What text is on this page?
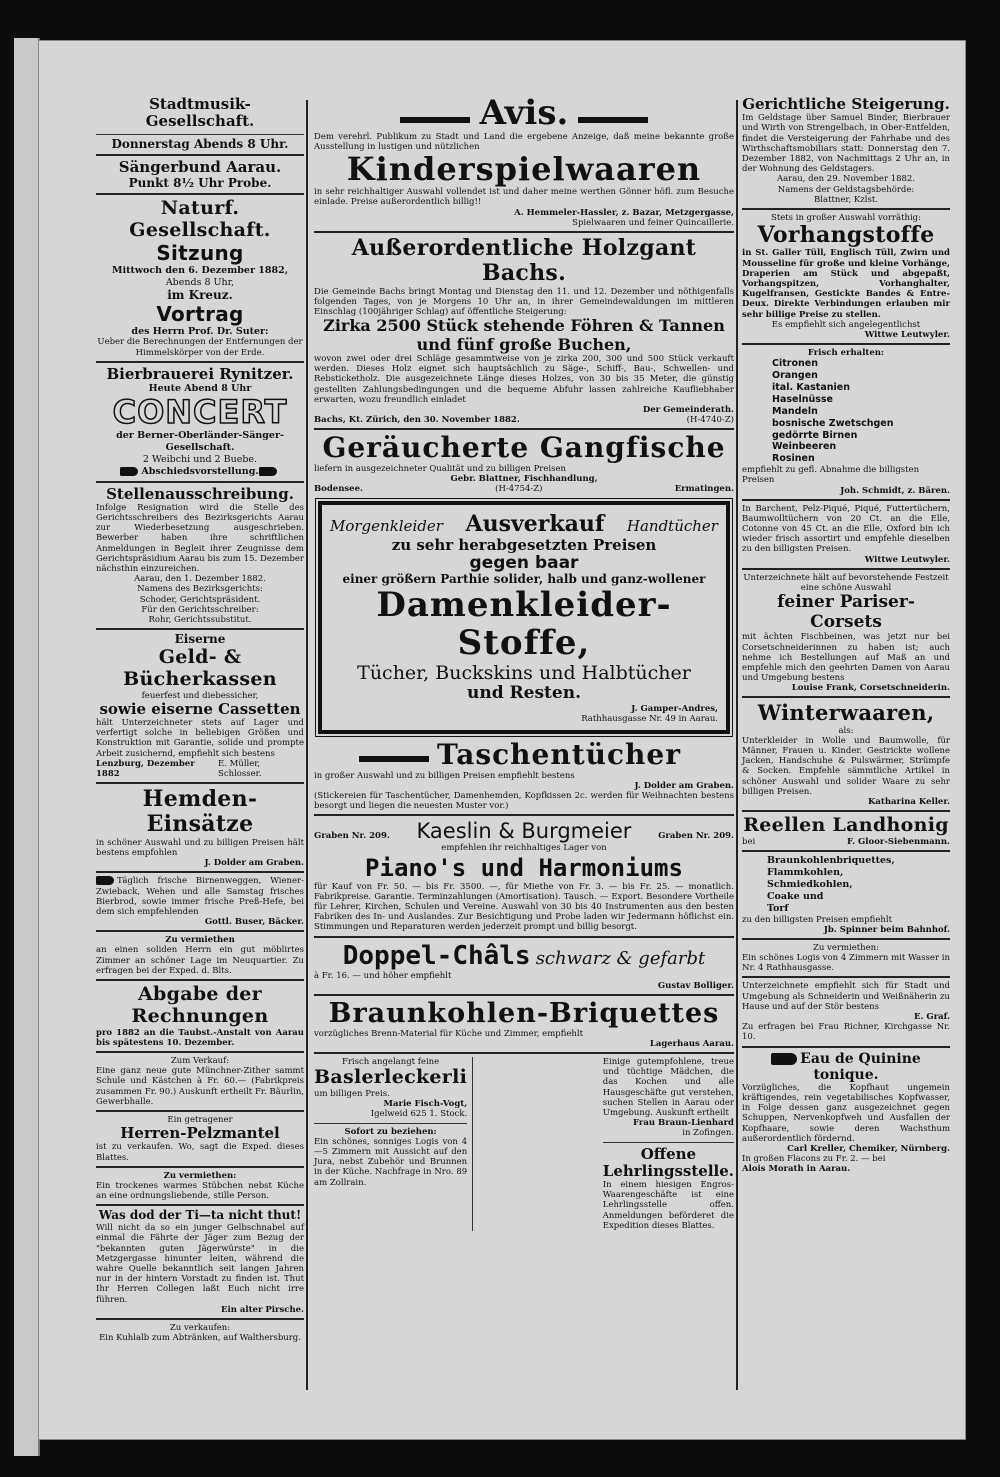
Stadtmusik-Gesellschaft.
Donnerstag Abends 8 Uhr.
Sängerbund Aarau.
Punkt 8½ Uhr Probe.
Naturf. Gesellschaft.
Sitzung
Mittwoch den 6. Dezember 1882,
Abends 8 Uhr,
im Kreuz.
Vortrag
des Herrn Prof. Dr. Suter:
Ueber die Berechnungen der Entfernungen der Himmelskörper von der Erde.
Bierbrauerei Rynitzer.
Heute Abend 8 Uhr
CONCERT
der Berner-Oberländer-Sänger-Gesellschaft.
2 Weibchi und 2 Buebe.
Abschiedsvorstellung.
Stellenausschreibung.
Infolge Resignation wird die Stelle des Gerichtsschreibers des Bezirksgerichts Aarau zur Wiederbesetzung ausgeschrieben. Bewerber haben ihre schriftlichen Anmeldungen in Begleit ihrer Zeugnisse dem Gerichtspräsidium Aarau bis zum 15. Dezember nächsthin einzureichen.
Aarau, den 1. Dezember 1882.
Namens des Bezirksgerichts:
Schoder, Gerichtspräsident.
Für den Gerichtsschreiber:
Rohr, Gerichtssubstitut.
Eiserne
Geld- & Bücherkassen
feuerfest und diebessicher,
sowie eiserne Cassetten
hält Unterzeichneter stets auf Lager und verfertigt solche in beliebigen Größen und Konstruktion mit Garantie, solide und prompte Arbeit zusichernd, empfiehlt sich bestens
Lenzburg, Dezember 1882
E. Müller, Schlosser.
Hemden-Einsätze
in schöner Auswahl und zu billigen Preisen hält bestens empfohlen
J. Dolder am Graben.
Täglich frische Birnenweggen, Wiener-Zwieback, Wehen und alle Samstag frisches Bierbrod, sowie immer frische Preß-Hefe, bei dem sich empfehlenden
Gottl. Buser, Bäcker.
Zu vermiethen
an einen soliden Herrn ein gut möblirtes Zimmer an schöner Lage im Neuquartier. Zu erfragen bei der Exped. d. Blts.
Abgabe der Rechnungen
pro 1882 an die Taubst.-Anstalt von Aarau bis spätestens 10. Dezember.
Zum Verkauf:
Eine ganz neue gute Münchner-Zither sammt Schule und Kästchen à Fr. 60.— (Fabrikpreis zusammen Fr. 90.) Auskunft ertheilt Fr. Bäurlin, Gewerbhalle.
Ein getragener
Herren-Pelzmantel
ist zu verkaufen. Wo, sagt die Exped. dieses Blattes.
Zu vermiethen:
Ein trockenes warmes Stübchen nebst Küche an eine ordnungsliebende, stille Person.
Was dod der Ti—ta nicht thut!
Will nicht da so ein junger Gelbschnabel auf einmal die Fährte der Jäger zum Bezug der "bekannten guten Jägerwürste" in die Metzgergasse hinunter leiten, während die wahre Quelle bekanntlich seit langen Jahren nur in der hintern Vorstadt zu finden ist. Thut Ihr Herren Collegen laßt Euch nicht irre führen.
Ein alter Pirsche.
Zu verkaufen:
Ein Kuhlalb zum Abtränken, auf Walthersburg.
Avis.
Dem verehrl. Publikum zu Stadt und Land die ergebene Anzeige, daß meine bekannte große Ausstellung in lustigen und nützlichen
Kinderspielwaaren
in sehr reichhaltiger Auswahl vollendet ist und daher meine werthen Gönner höfl. zum Besuche einlade. Preise außerordentlich billig!!
A. Hemmeler-Hassler, z. Bazar, Metzgergasse,
Spielwaaren und feiner Quincaillerie.
Außerordentliche Holzgant Bachs.
Die Gemeinde Bachs bringt Montag und Dienstag den 11. und 12. Dezember und nöthigenfalls folgenden Tages, von je Morgens 10 Uhr an, in ihrer Gemeindewaldungen im mittleren Einschlag (100jähriger Schlag) auf öffentliche Steigerung:
Zirka 2500 Stück stehende Föhren & Tannen und fünf große Buchen,
wovon zwei oder drei Schläge gesammtweise von je zirka 200, 300 und 500 Stück verkauft werden. Dieses Holz eignet sich hauptsächlich zu Säge-, Schiff-, Bau-, Schwellen- und Rebsticketholz. Die ausgezeichnete Länge dieses Holzes, von 30 bis 35 Meter, die günstig gestellten Zahlungsbedingungen und die bequeme Abfuhr lassen zahlreiche Kaufliebhaber erwarten, wozu freundlich einladet
Der Gemeinderath.
Bachs, Kt. Zürich, den 30. November 1882.	(H-4740-Z)
Geräucherte Gangfische
liefern in ausgezeichneter Qualität und zu billigen Preisen
Gebr. Blattner, Fischhandlung,
Bodensee.	(H-4754-Z)	Ermatingen.
Morgenkleider Ausverkauf Handtücher
zu sehr herabgesetzten Preisen
gegen baar
einer größern Parthie solider, halb und ganz-wollener
Damenkleider-Stoffe,
Tücher, Buckskins und Halbtücher
und Resten.
J. Gamper-Andres,
Rathhausgasse Nr. 49 in Aarau.
Taschentücher
in großer Auswahl und zu billigen Preisen empfiehlt bestens
J. Dolder am Graben.
(Stickereien für Taschentücher, Damenhemden, Kopfkissen 2c. werden für Weihnachten bestens besorgt und liegen die neuesten Muster vor.)
Graben Nr. 209. Kaeslin & Burgmeier	Graben Nr. 209.
empfehlen ihr reichhaltiges Lager von
Piano's und Harmoniums
für Kauf von Fr. 50. — bis Fr. 3500. —, für Miethe von Fr. 3. — bis Fr. 25. — monatlich. Fabrikpreise. Garantie. Terminzahlungen (Amortisation). Tausch. — Export. Besondere Vortheile für Lehrer, Kirchen, Schulen und Vereine. Auswahl von 30 bis 40 Instrumenten aus den besten Fabriken des In- und Auslandes. Zur Besichtigung und Probe laden wir Jedermann höflichst ein. Stimmungen und Reparaturen werden jederzeit prompt und billig besorgt.
Doppel-Châls schwarz & gefarbt
à Fr. 16. — und höher empfiehlt
Gustav Bolliger.
Braunkohlen-Briquettes
vorzügliches Brenn-Material für Küche und Zimmer, empfiehlt
Lagerhaus Aarau.
Frisch angelangt feine
Baslerleckerli
um billigen Preis.
Marie Fisch-Vogt,
Igelweid 625 1. Stock.
Sofort zu beziehen:
Ein schönes, sonniges Logis von 4—5 Zimmern mit Aussicht auf den Jura, nebst Zubehör und Brunnen in der Küche. Nachfrage in Nro. 89 am Zollrain.
Einige gutempfohlene, treue und tüchtige Mädchen, die das Kochen und alle Hausgeschäfte gut verstehen, suchen Stellen in Aarau oder Umgebung. Auskunft ertheilt
Frau Braun-Lienhard
in Zofingen.
Offene Lehrlingsstelle.
In einem hiesigen Engros-Waarengeschäfte ist eine Lehrlingsstelle offen. Anmeldungen beförderet die Expedition dieses Blattes.
Gerichtliche Steigerung.
Im Geldstage über Samuel Binder, Bierbrauer und Wirth von Strengelbach, in Ober-Entfelden, findet die Versteigerung der Fahrhabe und des Wirthschaftsmobiliars statt: Donnerstag den 7. Dezember 1882, von Nachmittags 2 Uhr an, in der Wohnung des Geldstagers.
Aarau, den 29. November 1882.
Namens der Geldstagsbehörde:
Blattner, Kzlst.
Stets in großer Auswahl vorräthig:
Vorhangstoffe
in St. Galler Tüll, Englisch Tüll, Zwirn und Mousseline für große und kleine Vorhänge, Draperien am Stück und abgepaßt, Vorhangspitzen, Vorhanghalter, Kugelfransen, Gestickte Bandes & Entre-Deux. Direkte Verbindungen erlauben mir sehr billige Preise zu stellen.
Es empfiehlt sich angelegentlichst
Wittwe Leutwyler.
Frisch erhalten:
Citronen
Orangen
ital. Kastanien
Haselnüsse
Mandeln
bosnische Zwetschgen
gedörrte Birnen
Weinbeeren
Rosinen
empfiehlt zu gefl. Abnahme die billigsten Preisen
Joh. Schmidt, z. Bären.
In Barchent, Pelz-Piqué, Piqué, Futtertüchern, Baumwolltüchern von 20 Ct. an die Elle, Cotonne von 45 Ct. an die Elle, Oxford bin ich wieder frisch assortirt und empfehle dieselben zu den billigsten Preisen.
Wittwe Leutwyler.
Unterzeichnete hält auf bevorstehende Festzeit eine schöne Auswahl
feiner Pariser-Corsets
mit ächten Fischbeinen, was jetzt nur bei Corsetschneiderinnen zu haben ist; auch nehme ich Bestellungen auf Maß an und empfehle mich den geehrten Damen von Aarau und Umgebung bestens
Louise Frank, Corsetschneiderin.
Winterwaaren,
als:
Unterkleider in Wolle und Baumwolle, für Männer, Frauen u. Kinder. Gestrickte wollene Jacken, Handschuhe & Pulswärmer, Strümpfe & Socken. Empfehle sämmtliche Artikel in schöner Auswahl und solider Waare zu sehr billigen Preisen.
Katharina Keller.
Reellen Landhonig
bei	F. Gloor-Siebenmann.
Braunkohlenbriquettes,
Flammkohlen,
Schmiedkohlen,
Coake und
Torf
zu den billigsten Preisen empfiehlt
Jb. Spinner beim Bahnhof.
Zu vermiethen:
Ein schönes Logis von 4 Zimmern mit Wasser in Nr. 4 Rathhausgasse.
Unterzeichnete empfiehlt sich für Stadt und Umgebung als Schneiderin und Weißnäherin zu Hause und auf der Stör bestens
E. Graf.
Zu erfragen bei Frau Richner, Kirchgasse Nr. 10.
Eau de Quinine tonique.
Vorzügliches, die Kopfhaut ungemein kräftigendes, rein vegetabilisches Kopfwasser, in Folge dessen ganz ausgezeichnet gegen Schuppen, Nervenkopfweh und Ausfallen der Kopfhaare, sowie deren Wachsthum außerordentlich fördernd.
Carl Kreller, Chemiker, Nürnberg.
In großen Flacons zu Fr. 2. — bei
Alois Morath in Aarau.
